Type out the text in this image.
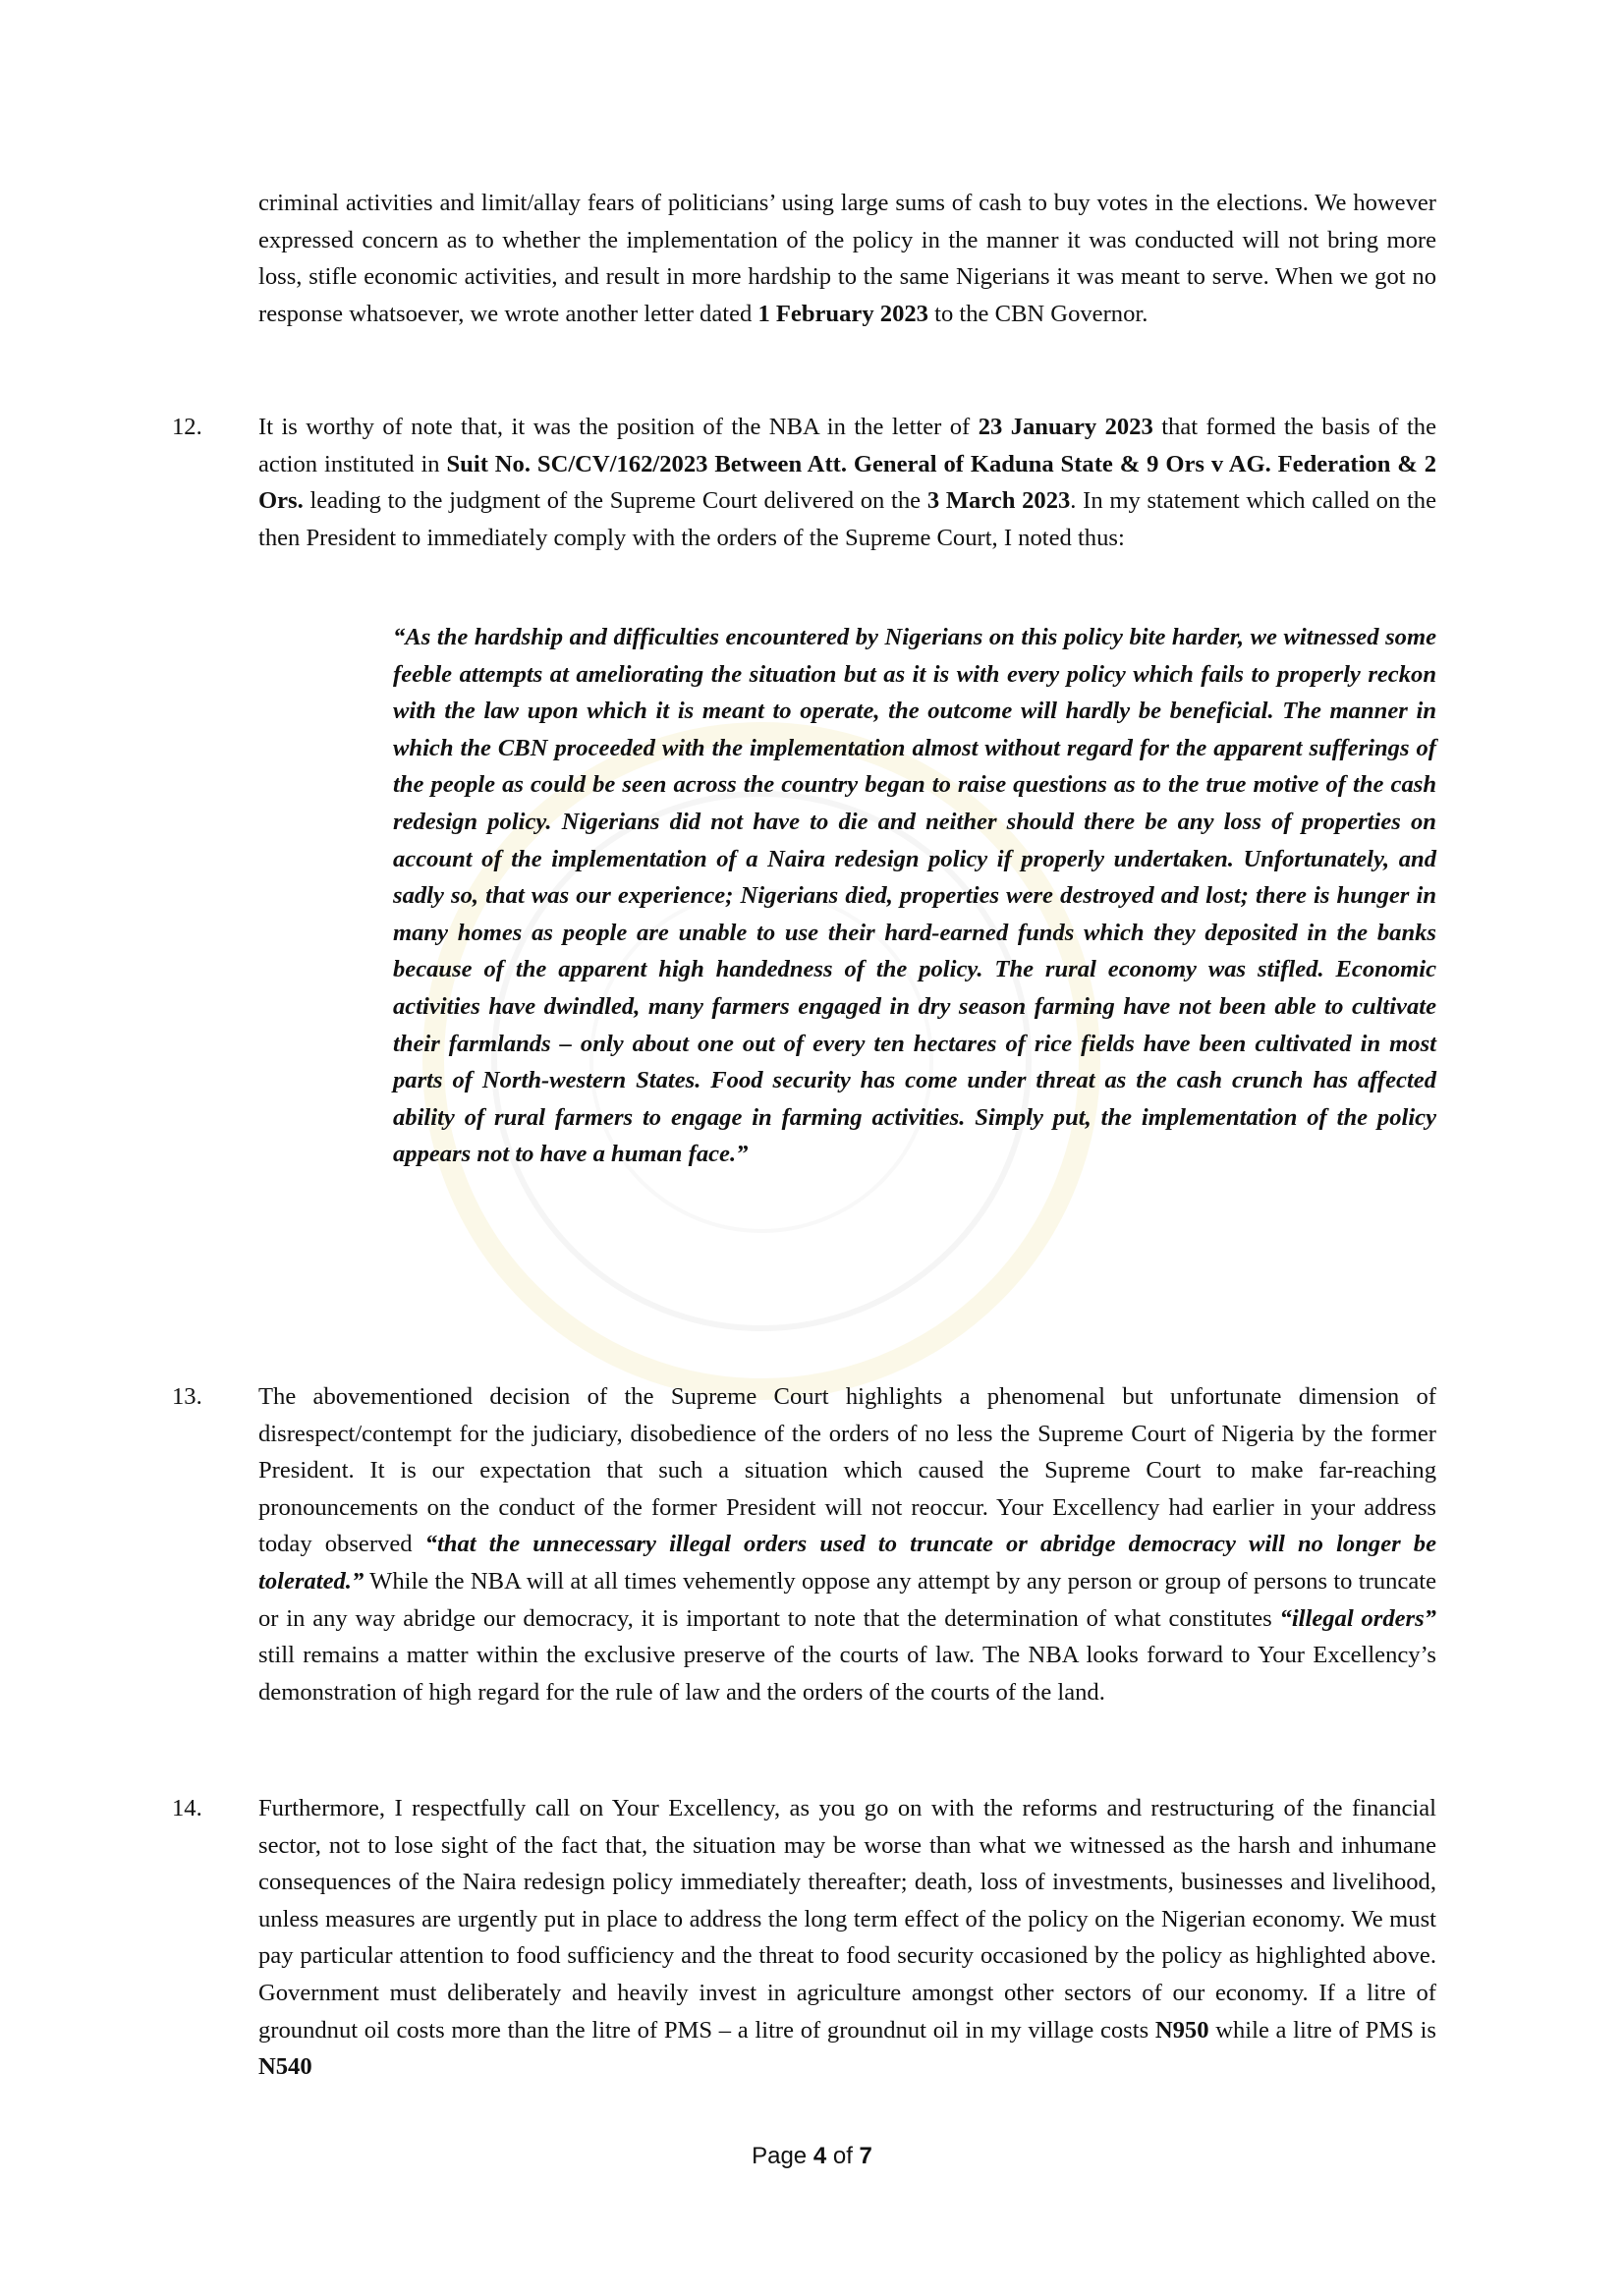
criminal activities and limit/allay fears of politicians’ using large sums of cash to buy votes in the elections. We however expressed concern as to whether the implementation of the policy in the manner it was conducted will not bring more loss, stifle economic activities, and result in more hardship to the same Nigerians it was meant to serve. When we got no response whatsoever, we wrote another letter dated 1 February 2023 to the CBN Governor.
12.	It is worthy of note that, it was the position of the NBA in the letter of 23 January 2023 that formed the basis of the action instituted in Suit No. SC/CV/162/2023 Between Att. General of Kaduna State & 9 Ors v AG. Federation & 2 Ors. leading to the judgment of the Supreme Court delivered on the 3 March 2023. In my statement which called on the then President to immediately comply with the orders of the Supreme Court, I noted thus:
“As the hardship and difficulties encountered by Nigerians on this policy bite harder, we witnessed some feeble attempts at ameliorating the situation but as it is with every policy which fails to properly reckon with the law upon which it is meant to operate, the outcome will hardly be beneficial. The manner in which the CBN proceeded with the implementation almost without regard for the apparent sufferings of the people as could be seen across the country began to raise questions as to the true motive of the cash redesign policy. Nigerians did not have to die and neither should there be any loss of properties on account of the implementation of a Naira redesign policy if properly undertaken. Unfortunately, and sadly so, that was our experience; Nigerians died, properties were destroyed and lost; there is hunger in many homes as people are unable to use their hard-earned funds which they deposited in the banks because of the apparent high handedness of the policy. The rural economy was stifled. Economic activities have dwindled, many farmers engaged in dry season farming have not been able to cultivate their farmlands – only about one out of every ten hectares of rice fields have been cultivated in most parts of North-western States. Food security has come under threat as the cash crunch has affected ability of rural farmers to engage in farming activities. Simply put, the implementation of the policy appears not to have a human face.”
13.	The abovementioned decision of the Supreme Court highlights a phenomenal but unfortunate dimension of disrespect/contempt for the judiciary, disobedience of the orders of no less the Supreme Court of Nigeria by the former President. It is our expectation that such a situation which caused the Supreme Court to make far-reaching pronouncements on the conduct of the former President will not reoccur. Your Excellency had earlier in your address today observed “that the unnecessary illegal orders used to truncate or abridge democracy will no longer be tolerated.” While the NBA will at all times vehemently oppose any attempt by any person or group of persons to truncate or in any way abridge our democracy, it is important to note that the determination of what constitutes “illegal orders” still remains a matter within the exclusive preserve of the courts of law. The NBA looks forward to Your Excellency’s demonstration of high regard for the rule of law and the orders of the courts of the land.
14.	Furthermore, I respectfully call on Your Excellency, as you go on with the reforms and restructuring of the financial sector, not to lose sight of the fact that, the situation may be worse than what we witnessed as the harsh and inhumane consequences of the Naira redesign policy immediately thereafter; death, loss of investments, businesses and livelihood, unless measures are urgently put in place to address the long term effect of the policy on the Nigerian economy. We must pay particular attention to food sufficiency and the threat to food security occasioned by the policy as highlighted above. Government must deliberately and heavily invest in agriculture amongst other sectors of our economy. If a litre of groundnut oil costs more than the litre of PMS – a litre of groundnut oil in my village costs N950 while a litre of PMS is N540
Page 4 of 7
